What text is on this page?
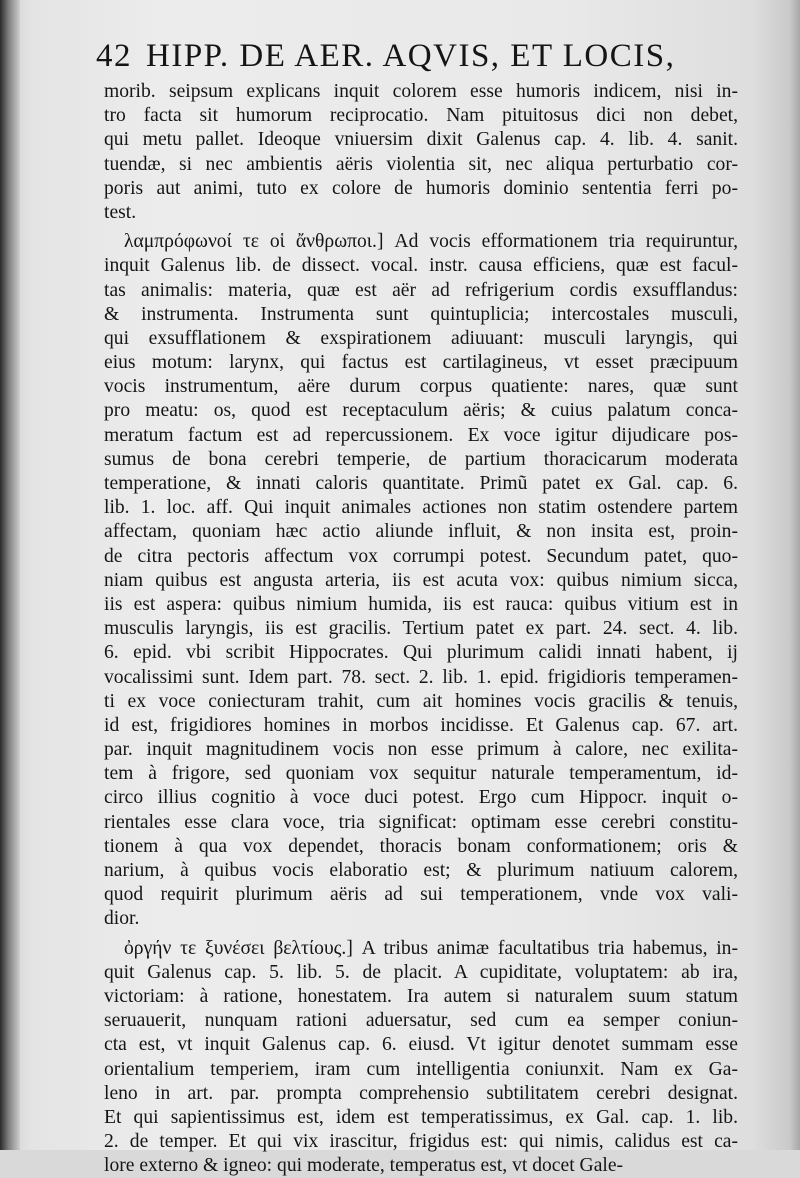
42 HIPP. DE AER. AQVIS, ET LOCIS,
morib. seipsum explicans inquit colorem esse humoris indicem, nisi in-
tro facta sit humorum reciprocatio. Nam pituitosus dici non debet,
qui metu pallet. Ideoque vniuersim dixit Galenus cap. 4. lib. 4. sanit.
tuendæ, si nec ambientis aëris violentia sit, nec aliqua perturbatio cor-
poris aut animi, tuto ex colore de humoris dominio sententia ferri po-
test.
λαμπρόφωνοί τε οἱ ἄνθρωποι.] Ad vocis efformationem tria requiruntur,
inquit Galenus lib. de dissect. vocal. instr. causa efficiens, quæ est facul-
tas animalis: materia, quæ est aër ad refrigerium cordis exsufflandus:
& instrumenta. Instrumenta sunt quintuplicia; intercostales musculi,
qui exsufflationem & exspirationem adiuuant: musculi laryngis, qui
eius motum: larynx, qui factus est cartilagineus, vt esset præcipuum
vocis instrumentum, aëre durum corpus quatiente: nares, quæ sunt
pro meatu: os, quod est receptaculum aëris; & cuius palatum conca-
meratum factum est ad repercussionem. Ex voce igitur dijudicare pos-
sumus de bona cerebri temperie, de partium thoracicarum moderata
temperatione, & innati caloris quantitate. Primũ patet ex Gal. cap. 6.
lib. 1. loc. aff. Qui inquit animales actiones non statim ostendere partem
affectam, quoniam hæc actio aliunde influit, & non insita est, proin-
de citra pectoris affectum vox corrumpi potest. Secundum patet, quo-
niam quibus est angusta arteria, iis est acuta vox: quibus nimium sicca,
iis est aspera: quibus nimium humida, iis est rauca: quibus vitium est in
musculis laryngis, iis est gracilis. Tertium patet ex part. 24. sect. 4. lib.
6. epid. vbi scribit Hippocrates. Qui plurimum calidi innati habent, ij
vocalissimi sunt. Idem part. 78. sect. 2. lib. 1. epid. frigidioris temperamen-
ti ex voce coniecturam trahit, cum ait homines vocis gracilis & tenuis,
id est, frigidiores homines in morbos incidisse. Et Galenus cap. 67. art.
par. inquit magnitudinem vocis non esse primum à calore, nec exilita-
tem à frigore, sed quoniam vox sequitur naturale temperamentum, id-
circo illius cognitio à voce duci potest. Ergo cum Hippocr. inquit o-
rientales esse clara voce, tria significat: optimam esse cerebri constitu-
tionem à qua vox dependet, thoracis bonam conformationem; oris &
narium, à quibus vocis elaboratio est; & plurimum natiuum calorem,
quod requirit plurimum aëris ad sui temperationem, vnde vox vali-
dior.
ὀργήν τε ξυνέσει βελτίους.] A tribus animæ facultatibus tria habemus, in-
quit Galenus cap. 5. lib. 5. de placit. A cupiditate, voluptatem: ab ira,
victoriam: à ratione, honestatem. Ira autem si naturalem suum statum
seruauerit, nunquam rationi aduersatur, sed cum ea semper coniun-
cta est, vt inquit Galenus cap. 6. eiusd. Vt igitur denotet summam esse
orientalium temperiem, iram cum intelligentia coniunxit. Nam ex Ga-
leno in art. par. prompta comprehensio subtilitatem cerebri designat.
Et qui sapientissimus est, idem est temperatissimus, ex Gal. cap. 1. lib.
2. de temper. Et qui vix irascitur, frigidus est: qui nimis, calidus est ca-
lore externo & igneo: qui moderate, temperatus est, vt docet Gale-
